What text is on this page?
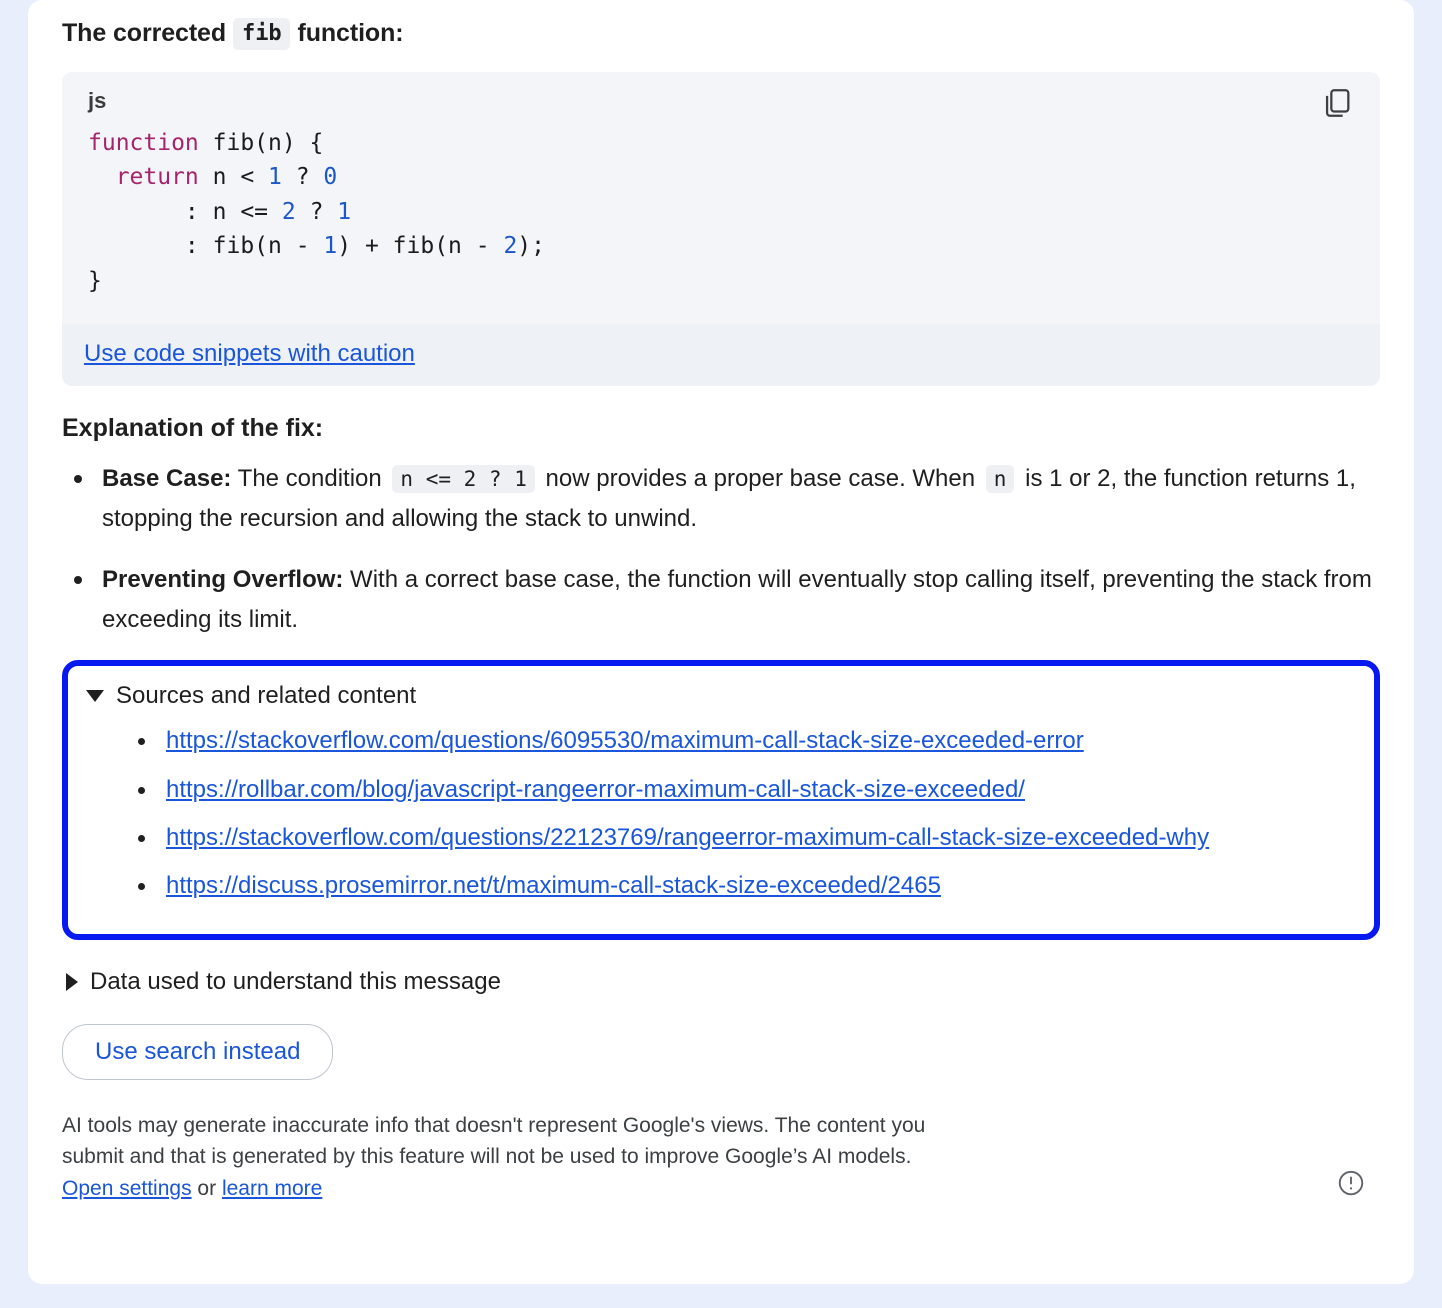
The corrected fib function:
js
function fib(n) {
return n < 1 ? 0
: n <= 2 ? 1
: fib(n - 1) + fib(n - 2);
}
Use code snippets with caution
Explanation of the fix:
Base Case: The condition n <= 2 ? 1 now provides a proper base case. When n is 1 or 2, the function returns 1, stopping the recursion and allowing the stack to unwind.
Preventing Overflow: With a correct base case, the function will eventually stop calling itself, preventing the stack from exceeding its limit.
Sources and related content
https://stackoverflow.com/questions/6095530/maximum-call-stack-size-exceeded-error
https://rollbar.com/blog/javascript-rangeerror-maximum-call-stack-size-exceeded/
https://stackoverflow.com/questions/22123769/rangeerror-maximum-call-stack-size-exceeded-why
https://discuss.prosemirror.net/t/maximum-call-stack-size-exceeded/2465
Data used to understand this message
Use search instead
AI tools may generate inaccurate info that doesn't represent Google's views. The content you
submit and that is generated by this feature will not be used to improve Google’s AI models.
Open settings or learn more
